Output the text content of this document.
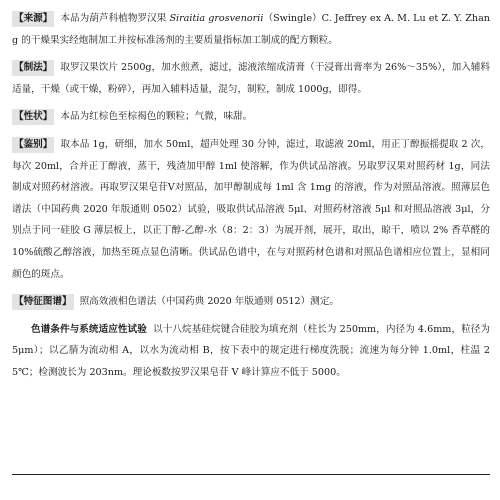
【来源】 本品为葫芦科植物罗汉果 Siraitia grosvenorii（Swingle）C. Jeffrey ex A. M. Lu et Z. Y. Zhang 的干燥果实经炮制加工并按标准汤剂的主要质量指标加工制成的配方颗粒。

【制法】 取罗汉果饮片 2500g，加水煎煮，滤过，滤液浓缩成清膏（干浸膏出膏率为 26%～35%），加入辅料适量，干燥（或干燥，粉碎），再加入辅料适量，混匀，制粒，制成 1000g，即得。

【性状】 本品为红棕色至棕褐色的颗粒；气微，味甜。

【鉴别】 取本品 1g，研细，加水 50ml，超声处理 30 分钟，滤过，取滤液 20ml，用正丁醇振摇提取 2 次，每次 20ml，合并正丁醇液，蒸干，残渣加甲醇 1ml 使溶解，作为供试品溶液。另取罗汉果对照药材 1g，同法制成对照药材溶液。再取罗汉果皂苷Ⅴ对照品，加甲醇制成每 1ml 含 1mg 的溶液，作为对照品溶液。照薄层色谱法（中国药典 2020 年版通则 0502）试验，吸取供试品溶液 5μl、对照药材溶液 5μl 和对照品溶液 3μl，分别点于同一硅胶 G 薄层板上，以正丁醇-乙醇-水（8：2：3）为展开剂，展开，取出，晾干，喷以 2% 香草醛的 10%硫酸乙醇溶液，加热至斑点显色清晰。供试品色谱中，在与对照药材色谱和对照品色谱相应位置上，显相同颜色的斑点。

【特征图谱】 照高效液相色谱法（中国药典 2020 年版通则 0512）测定。

色谱条件与系统适应性试验 以十八烷基硅烷键合硅胶为填充剂（柱长为 250mm，内径为 4.6mm，粒径为 5μm）；以乙腈为流动相 A，以水为流动相 B，按下表中的规定进行梯度洗脱；流速为每分钟 1.0ml，柱温 25℃；检测波长为 203nm。理论板数按罗汉果皂苷 V 峰计算应不低于 5000。
